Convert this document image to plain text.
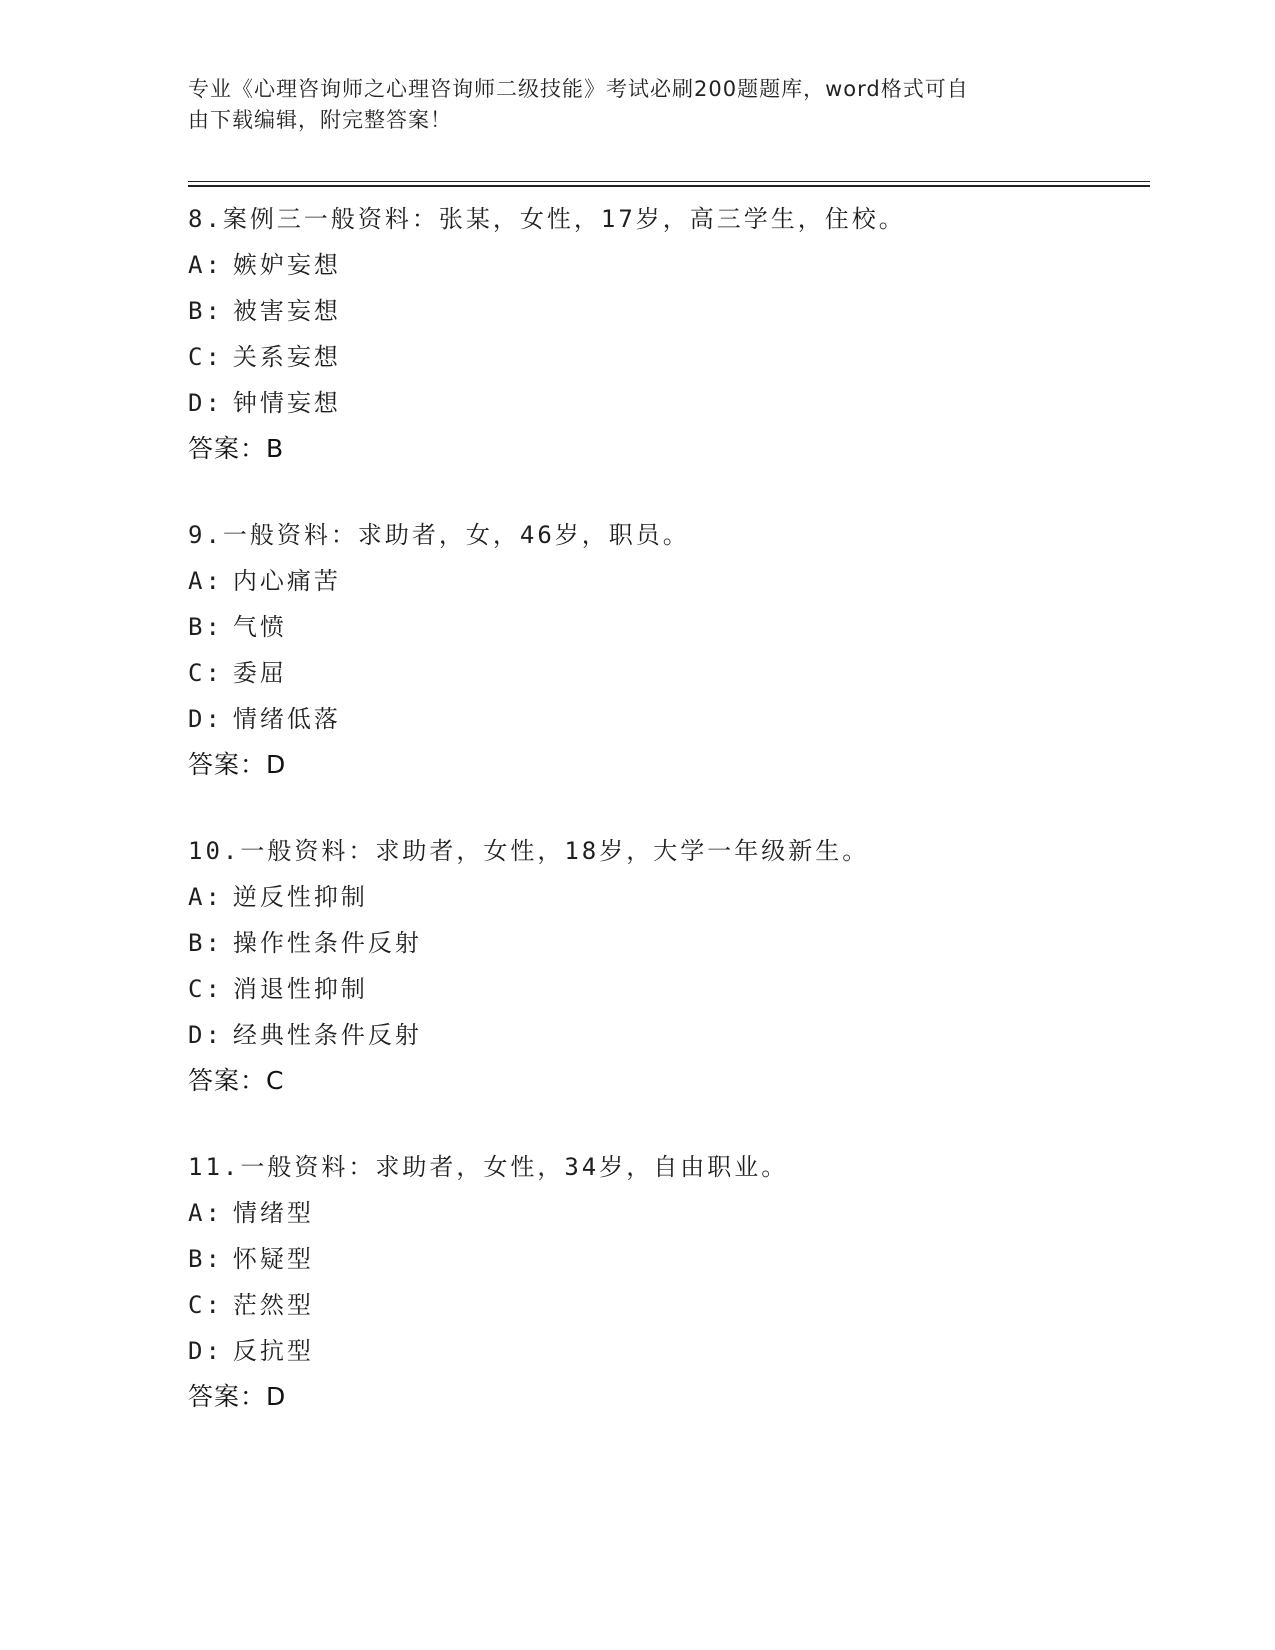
专业《心理咨询师之心理咨询师二级技能》考试必刷200题题库，word格式可自
由下载编辑，附完整答案！
8.案例三一般资料：张某，女性，17岁，高三学生，住校。
A: 嫉妒妄想
B: 被害妄想
C: 关系妄想
D: 钟情妄想
答案：B
9.一般资料：求助者，女，46岁，职员。
A: 内心痛苦
B: 气愤
C: 委屈
D: 情绪低落
答案：D
10.一般资料：求助者，女性，18岁，大学一年级新生。
A: 逆反性抑制
B: 操作性条件反射
C: 消退性抑制
D: 经典性条件反射
答案：C
11.一般资料：求助者，女性，34岁，自由职业。
A: 情绪型
B: 怀疑型
C: 茫然型
D: 反抗型
答案：D
